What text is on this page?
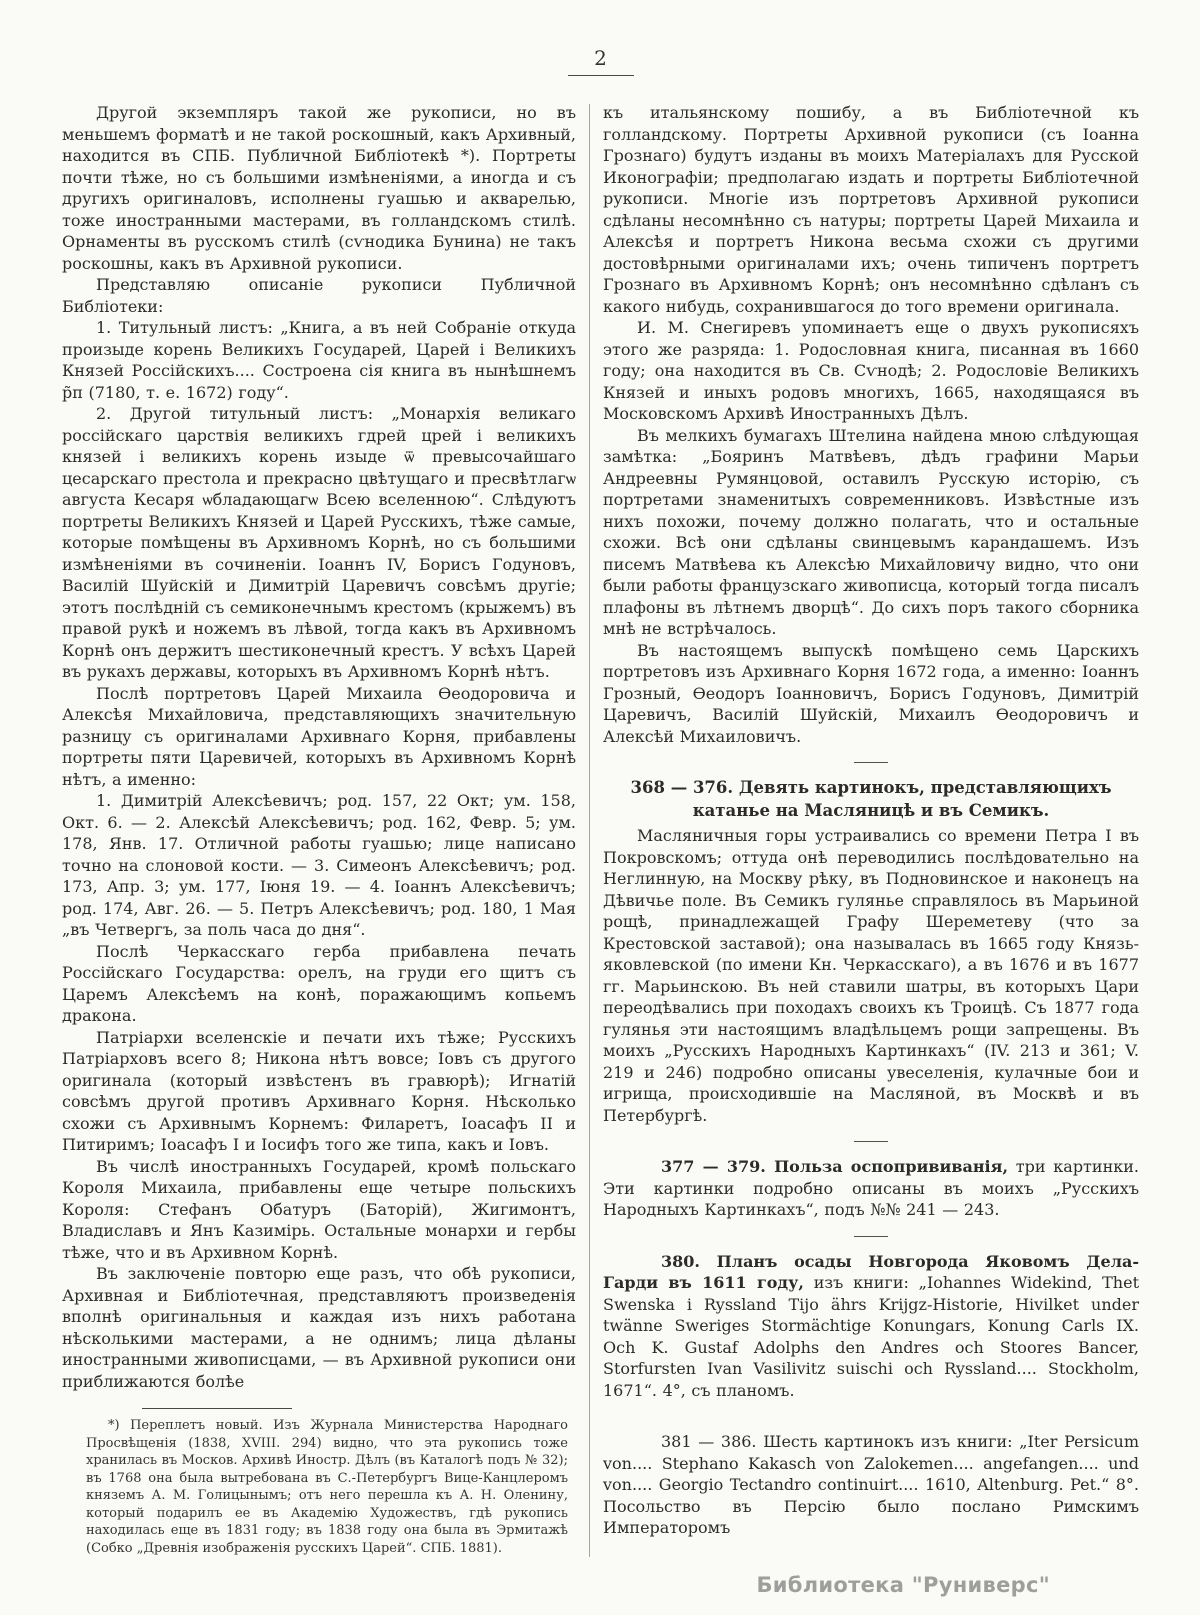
2

Другой экземпляръ такой же рукописи, но въ меньшемъ форматѣ и не такой роскошный, какъ Архивный, находится въ СПБ. Публичной Библіотекѣ *). Портреты почти тѣже, но съ большими измѣненіями, а иногда и съ другихъ оригиналовъ, исполнены гуашью и акварелью, тоже иностранными мастерами, въ голландскомъ стилѣ. Орнаменты въ русскомъ стилѣ (сѵнодика Бунина) не такъ роскошны, какъ въ Архивной рукописи.

Представляю описаніе рукописи Публичной Библіотеки:

1. Титульный листъ: „Книга, а въ ней Собраніе откуда произыде корень Великихъ Государей, Царей і Великихъ Князей Россійскихъ.... Состроена сія книга въ нынѣшнемъ р̃п (7180, т. е. 1672) году“.

2. Другой титульный листъ: „Монархія великаго россійскаго царствія великихъ гдрей црей і великихъ князей і великихъ корень изыде ѿ превысочайшаго цесарскаго престола и прекрасно цвѣтущаго и пресвѣтлагѡ августа Кесаря ѡбладающагѡ Всею вселенною“. Слѣдуютъ портреты Великихъ Князей и Царей Русскихъ, тѣже самые, которые помѣщены въ Архивномъ Корнѣ, но съ большими измѣненіями въ сочиненіи. Іоаннъ IV, Борисъ Годуновъ, Василій Шуйскій и Димитрій Царевичъ совсѣмъ другіе; этотъ послѣдній съ семиконечнымъ крестомъ (крыжемъ) въ правой рукѣ и ножемъ въ лѣвой, тогда какъ въ Архивномъ Корнѣ онъ держитъ шестиконечный крестъ. У всѣхъ Царей въ рукахъ державы, которыхъ въ Архивномъ Корнѣ нѣтъ.

Послѣ портретовъ Царей Михаила Ѳеодоровича и Алексѣя Михайловича, представляющихъ значительную разницу съ оригиналами Архивнаго Корня, прибавлены портреты пяти Царевичей, которыхъ въ Архивномъ Корнѣ нѣтъ, а именно:

1. Димитрій Алексѣевичъ; род. 157, 22 Окт; ум. 158, Окт. 6. — 2. Алексѣй Алексѣевичъ; род. 162, Февр. 5; ум. 178, Янв. 17. Отличной работы гуашью; лице написано точно на слоновой кости. — 3. Симеонъ Алексѣевичъ; род. 173, Апр. 3; ум. 177, Іюня 19. — 4. Іоаннъ Алексѣевичъ; род. 174, Авг. 26. — 5. Петръ Алексѣевичъ; род. 180, 1 Мая „въ Четвергъ, за поль часа до дня“.

Послѣ Черкасскаго герба прибавлена печать Россійскаго Государства: орелъ, на груди его щитъ съ Царемъ Алексѣемъ на конѣ, поражающимъ копьемъ дракона.

Патріархи вселенскіе и печати ихъ тѣже; Русскихъ Патріарховъ всего 8; Никона нѣтъ вовсе; Іовъ съ другого оригинала (который извѣстенъ въ гравюрѣ); Игнатій совсѣмъ другой противъ Архивнаго Корня. Нѣсколько схожи съ Архивнымъ Корнемъ: Филаретъ, Іоасафъ II и Питиримъ; Іоасафъ I и Іосифъ того же типа, какъ и Іовъ.

Въ числѣ иностранныхъ Государей, кромѣ польскаго Короля Михаила, прибавлены еще четыре польскихъ Короля: Стефанъ Обатуръ (Баторій), Жигимонтъ, Владиславъ и Янъ Казимірь. Остальные монархи и гербы тѣже, что и въ Архивном Корнѣ.

Въ заключеніе повторю еще разъ, что обѣ рукописи, Архивная и Библіотечная, представляютъ произведенія вполнѣ оригинальныя и каждая изъ нихъ работана нѣсколькими мастерами, а не однимъ; лица дѣланы иностранными живописцами, — въ Архивной рукописи они приближаются болѣе

*) Переплетъ новый. Изъ Журнала Министерства Народнаго Просвѣщенія (1838, XVIII. 294) видно, что эта рукопись тоже хранилась въ Москов. Архивѣ Иностр. Дѣлъ (въ Каталогѣ подъ № 32); въ 1768 она была вытребована въ С.-Петербургъ Вице-Канцлеромъ княземъ А. М. Голицынымъ; отъ него перешла къ А. Н. Оленину, который подарилъ ее въ Академію Художествъ, гдѣ рукопись находилась еще въ 1831 году; въ 1838 году она была въ Эрмитажѣ (Собко „Древнія изображенія русскихъ Царей“. СПБ. 1881).

къ итальянскому пошибу, а въ Библіотечной къ голландскому. Портреты Архивной рукописи (съ Іоанна Грознаго) будутъ изданы въ моихъ Матеріалахъ для Русской Иконографіи; предполагаю издать и портреты Библіотечной рукописи. Многіе изъ портретовъ Архивной рукописи сдѣланы несомнѣнно съ натуры; портреты Царей Михаила и Алексѣя и портретъ Никона весьма схожи съ другими достовѣрными оригиналами ихъ; очень типиченъ портретъ Грознаго въ Архивномъ Корнѣ; онъ несомнѣнно сдѣланъ съ какого нибудь, сохранившагося до того времени оригинала.

И. М. Снегиревъ упоминаетъ еще о двухъ рукописяхъ этого же разряда: 1. Родословная книга, писанная въ 1660 году; она находится въ Св. Сѵнодѣ; 2. Родословіе Великихъ Князей и иныхъ родовъ многихъ, 1665, находящаяся въ Московскомъ Архивѣ Иностранныхъ Дѣлъ.

Въ мелкихъ бумагахъ Штелина найдена мною слѣдующая замѣтка: „Бояринъ Матвѣевъ, дѣдъ графини Марьи Андреевны Румянцовой, оставилъ Русскую исторію, съ портретами знаменитыхъ современниковъ. Извѣстные изъ нихъ похожи, почему должно полагать, что и остальные схожи. Всѣ они сдѣланы свинцевымъ карандашемъ. Изъ писемъ Матвѣева къ Алексѣю Михайловичу видно, что они были работы французскаго живописца, который тогда писалъ плафоны въ лѣтнемъ дворцѣ“. До сихъ поръ такого сборника мнѣ не встрѣчалось.

Въ настоящемъ выпускѣ помѣщено семь Царскихъ портретовъ изъ Архивнаго Корня 1672 года, а именно: Іоаннъ Грозный, Ѳеодоръ Іоанновичъ, Борисъ Годуновъ, Димитрій Царевичъ, Василій Шуйскій, Михаилъ Ѳеодоровичъ и Алексѣй Михаиловичъ.

368 — 376. Девять картинокъ, представляющихъ катанье на Масляницѣ и въ Семикъ.

Масляничныя горы устраивались со времени Петра I въ Покровскомъ; оттуда онѣ переводились послѣдовательно на Неглинную, на Москву рѣку, въ Подновинское и наконецъ на Дѣвичье поле. Въ Семикъ гулянье справлялось въ Марьиной рощѣ, принадлежащей Графу Шереметеву (что за Крестовской заставой); она называлась въ 1665 году Князь-яковлевской (по имени Кн. Черкасскаго), а въ 1676 и въ 1677 гг. Марьинскою. Въ ней ставили шатры, въ которыхъ Цари переодѣвались при походахъ своихъ къ Троицѣ. Съ 1877 года гулянья эти настоящимъ владѣльцемъ рощи запрещены. Въ моихъ „Русскихъ Народныхъ Картинкахъ“ (IV. 213 и 361; V. 219 и 246) подробно описаны увеселенія, кулачные бои и игрища, происходившіе на Масляной, въ Москвѣ и въ Петербургѣ.

377 — 379. Польза оспопрививанія, три картинки. Эти картинки подробно описаны въ моихъ „Русскихъ Народныхъ Картинкахъ“, подъ №№ 241 — 243.

380. Планъ осады Новгорода Яковомъ Дела-Гарди въ 1611 году, изъ книги: „Iohannes Widekind, Thet Swenska i Ryssland Tijo ährs Krijgz-Historie, Hivilket under twänne Sweriges Stormächtige Konungars, Konung Carls IX. Och K. Gustaf Adolphs den Andres och Stoores Bancer, Storfursten Ivan Vasilivitz suischi och Ryssland.... Stockholm, 1671“. 4°, съ планомъ.

381 — 386. Шесть картинокъ изъ книги: „Iter Persicum von.... Stephano Kakasch von Zalokemen.... angefangen.... und von.... Georgio Tectandro continuirt.... 1610, Altenburg. Pet.“ 8°. Посольство въ Персію было послано Римскимъ Императоромъ

Библиотека "Руниверс"
